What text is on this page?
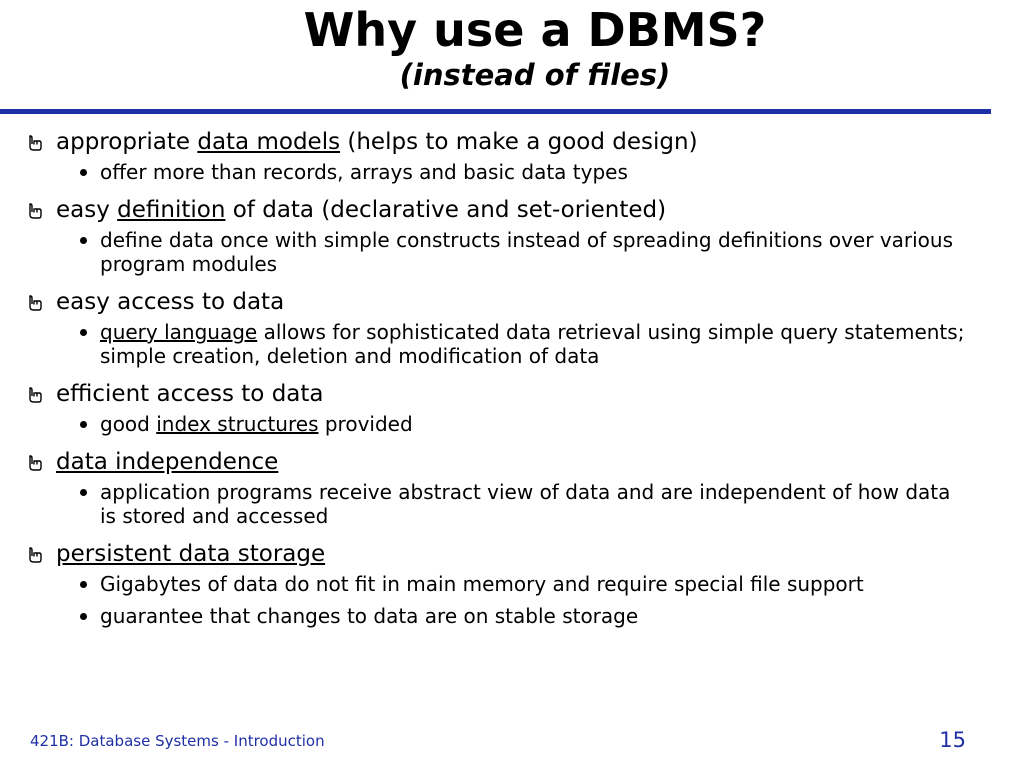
Why use a DBMS?
(instead of files)
appropriate data models (helps to make a good design)
offer more than records, arrays and basic data types
easy definition of data (declarative and set-oriented)
define data once with simple constructs instead of spreading definitions over various program modules
easy access to data
query language allows for sophisticated data retrieval using simple query statements; simple creation, deletion and modification of data
efficient access to data
good index structures provided
data independence
application programs receive abstract view of data and are independent of how data is stored and accessed
persistent data storage
Gigabytes of data do not fit in main memory and require special file support
guarantee that changes to data are on stable storage
421B: Database Systems - Introduction	15
